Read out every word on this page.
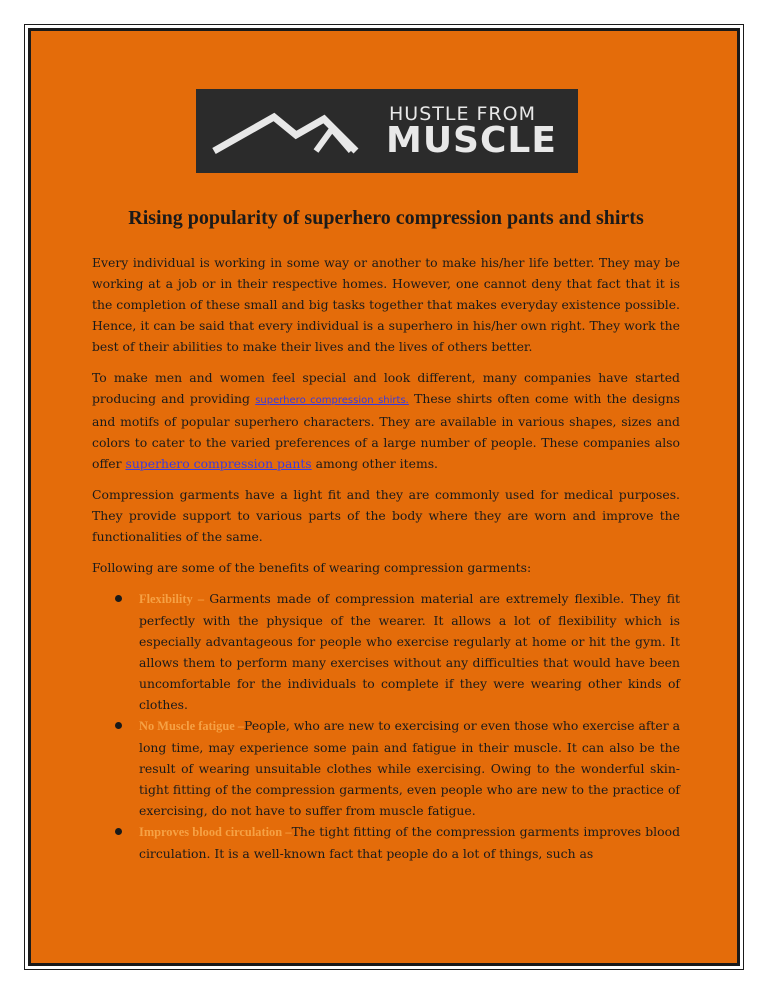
HUSTLE FROM
MUSCLE
Rising popularity of superhero compression pants and shirts

Every individual is working in some way or another to make his/her life better. They may be working at a job or in their respective homes. However, one cannot deny that fact that it is the completion of these small and big tasks together that makes everyday existence possible. Hence, it can be said that every individual is a superhero in his/her own right. They work the best of their abilities to make their lives and the lives of others better.

To make men and women feel special and look different, many companies have started producing and providing superhero compression shirts. These shirts often come with the designs and motifs of popular superhero characters. They are available in various shapes, sizes and colors to cater to the varied preferences of a large number of people. These companies also offer superhero compression pants among other items.

Compression garments have a light fit and they are commonly used for medical purposes. They provide support to various parts of the body where they are worn and improve the functionalities of the same.

Following are some of the benefits of wearing compression garments:

Flexibility – Garments made of compression material are extremely flexible. They fit perfectly with the physique of the wearer. It allows a lot of flexibility which is especially advantageous for people who exercise regularly at home or hit the gym. It allows them to perform many exercises without any difficulties that would have been uncomfortable for the individuals to complete if they were wearing other kinds of clothes.
No Muscle fatigue –People, who are new to exercising or even those who exercise after a long time, may experience some pain and fatigue in their muscle. It can also be the result of wearing unsuitable clothes while exercising. Owing to the wonderful skin-tight fitting of the compression garments, even people who are new to the practice of exercising, do not have to suffer from muscle fatigue.
Improves blood circulation –The tight fitting of the compression garments improves blood circulation. It is a well-known fact that people do a lot of things, such as
